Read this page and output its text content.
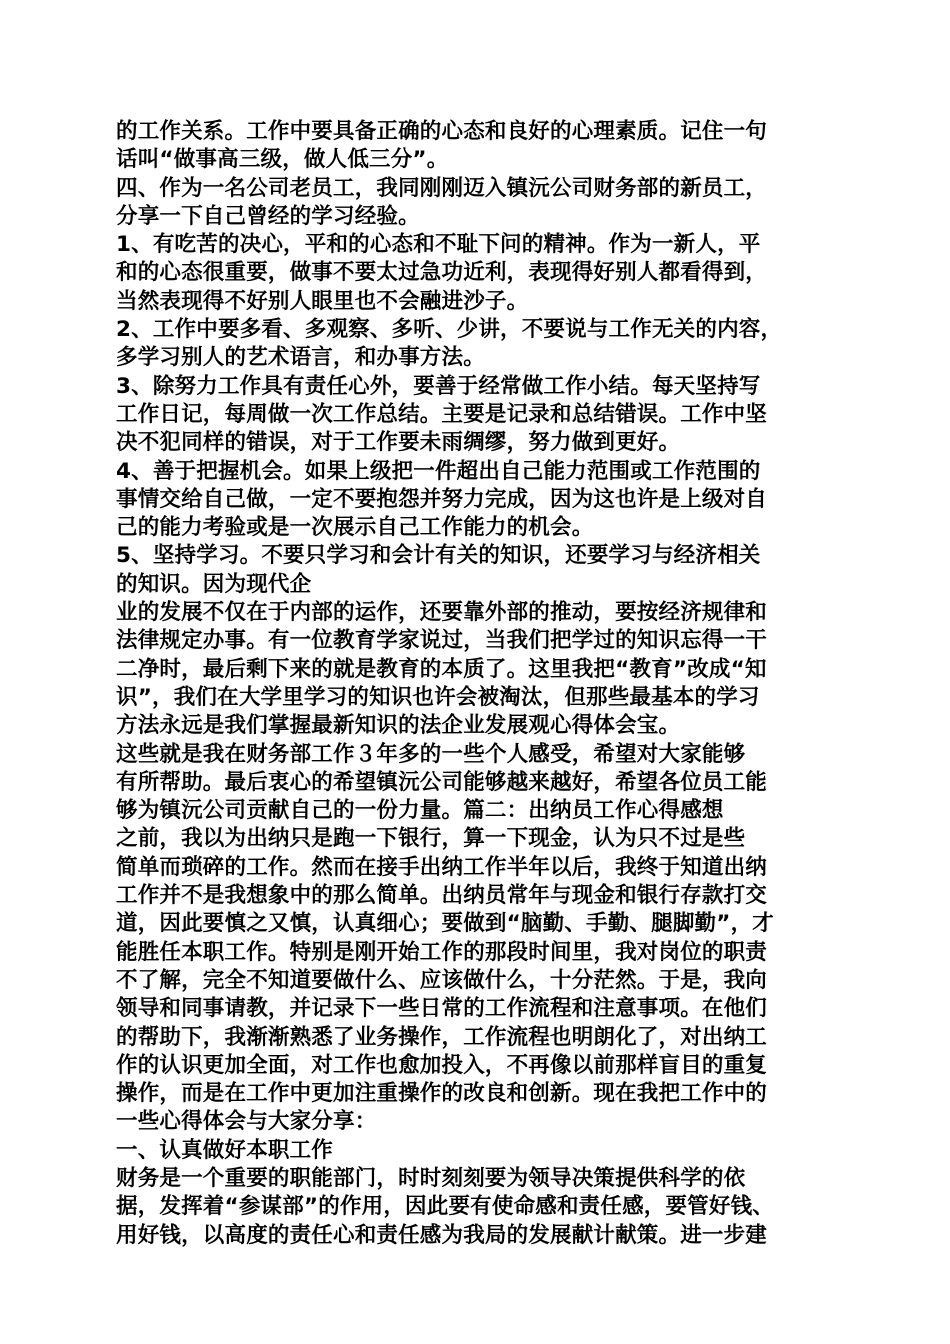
的工作关系。工作中要具备正确的心态和良好的心理素质。记住一句
话叫“做事高三级，做人低三分”。
四、作为一名公司老员工，我同刚刚迈入镇沅公司财务部的新员工，
分享一下自己曾经的学习经验。
1、有吃苦的决心，平和的心态和不耻下问的精神。作为一新人，平
和的心态很重要，做事不要太过急功近利，表现得好别人都看得到，
当然表现得不好别人眼里也不会融进沙子。
2、工作中要多看、多观察、多听、少讲，不要说与工作无关的内容，
多学习别人的艺术语言，和办事方法。
3、除努力工作具有责任心外，要善于经常做工作小结。每天坚持写
工作日记，每周做一次工作总结。主要是记录和总结错误。工作中坚
决不犯同样的错误，对于工作要未雨绸缪，努力做到更好。
4、善于把握机会。如果上级把一件超出自己能力范围或工作范围的
事情交给自己做，一定不要抱怨并努力完成，因为这也许是上级对自
己的能力考验或是一次展示自己工作能力的机会。
5、坚持学习。不要只学习和会计有关的知识，还要学习与经济相关
的知识。因为现代企
业的发展不仅在于内部的运作，还要靠外部的推动，要按经济规律和
法律规定办事。有一位教育学家说过，当我们把学过的知识忘得一干
二净时，最后剩下来的就是教育的本质了。这里我把“教育”改成“知
识”，我们在大学里学习的知识也许会被淘汰，但那些最基本的学习
方法永远是我们掌握最新知识的法企业发展观心得体会宝。
这些就是我在财务部工作３年多的一些个人感受，希望对大家能够
有所帮助。最后衷心的希望镇沅公司能够越来越好，希望各位员工能
够为镇沅公司贡献自己的一份力量。篇二：出纳员工作心得感想
之前，我以为出纳只是跑一下银行，算一下现金，认为只不过是些
简单而琐碎的工作。然而在接手出纳工作半年以后，我终于知道出纳
工作并不是我想象中的那么简单。出纳员常年与现金和银行存款打交
道，因此要慎之又慎，认真细心；要做到“脑勤、手勤、腿脚勤”，才
能胜任本职工作。特别是刚开始工作的那段时间里，我对岗位的职责
不了解，完全不知道要做什么、应该做什么，十分茫然。于是，我向
领导和同事请教，并记录下一些日常的工作流程和注意事项。在他们
的帮助下，我渐渐熟悉了业务操作，工作流程也明朗化了，对出纳工
作的认识更加全面，对工作也愈加投入，不再像以前那样盲目的重复
操作，而是在工作中更加注重操作的改良和创新。现在我把工作中的
一些心得体会与大家分享：
一、认真做好本职工作
财务是一个重要的职能部门，时时刻刻要为领导决策提供科学的依
据，发挥着“参谋部”的作用，因此要有使命感和责任感，要管好钱、
用好钱，以高度的责任心和责任感为我局的发展献计献策。进一步建
